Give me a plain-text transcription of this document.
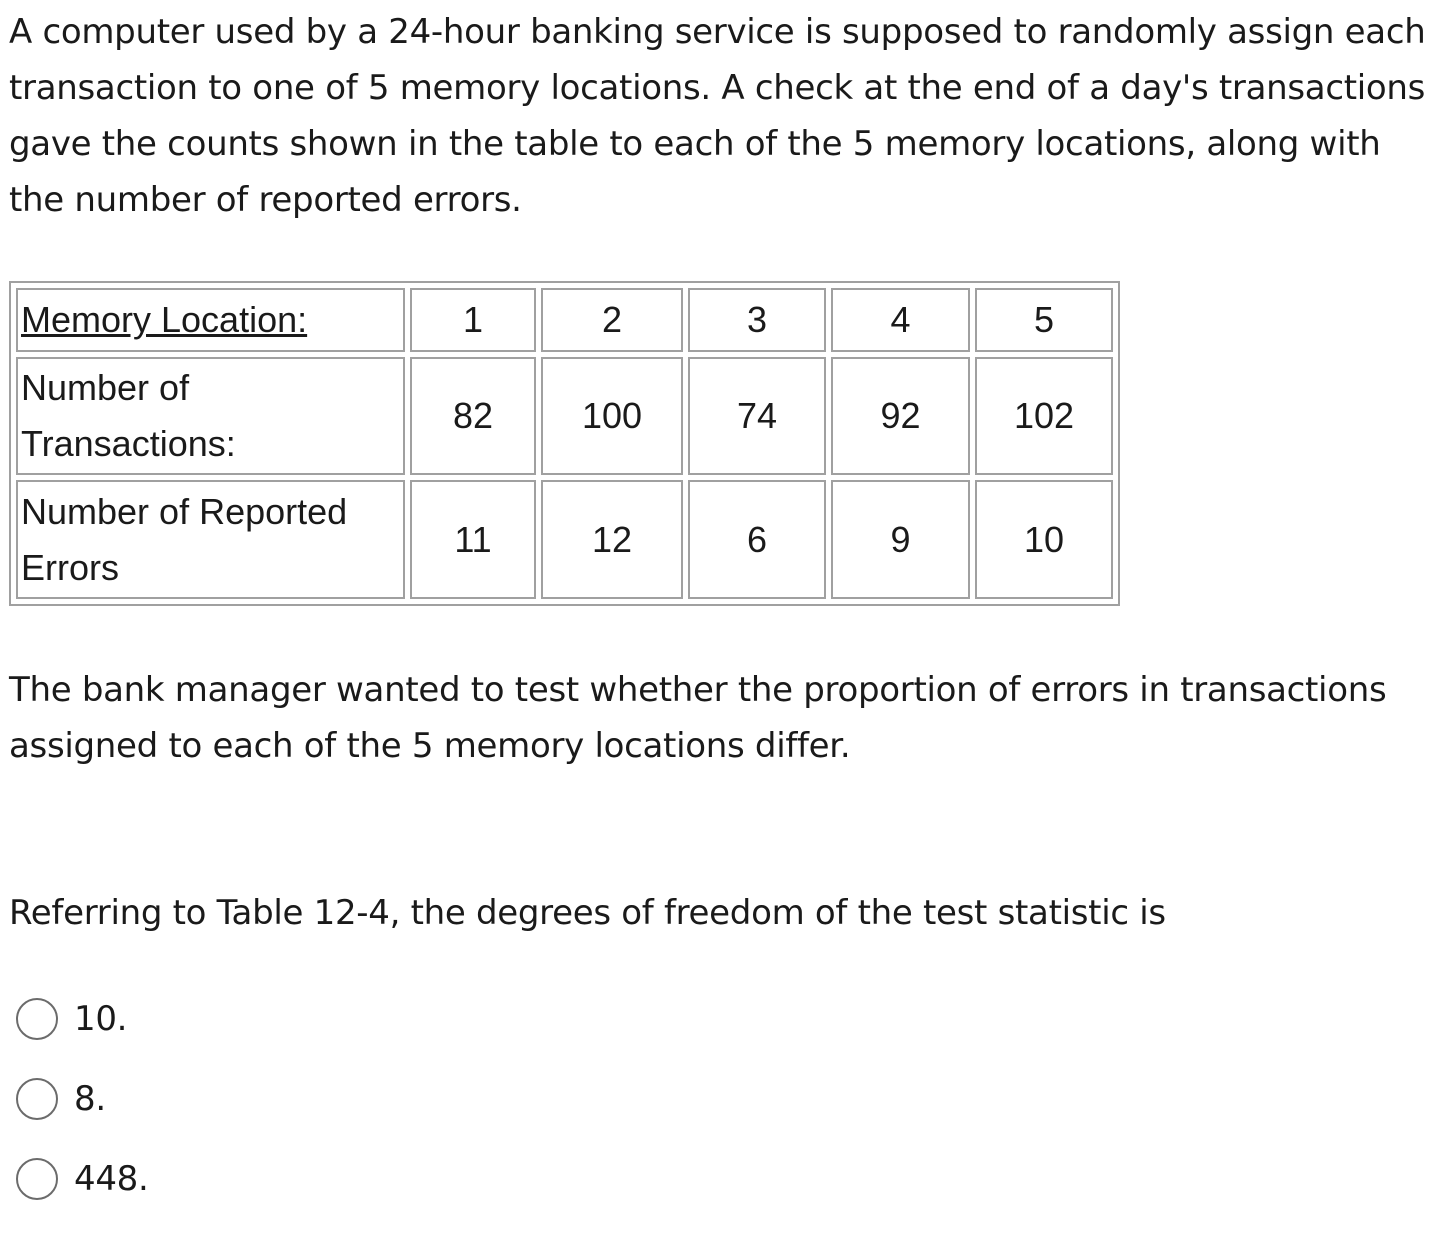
A computer used by a 24-hour banking service is supposed to randomly assign each transaction to one of 5 memory locations. A check at the end of a day's transactions gave the counts shown in the table to each of the 5 memory locations, along with the number of reported errors.

Memory Location:	1	2	3	4	5
Number of Transactions:	82	100	74	92	102
Number of Reported Errors	11	12	6	9	10

The bank manager wanted to test whether the proportion of errors in transactions assigned to each of the 5 memory locations differ.

Referring to Table 12-4, the degrees of freedom of the test statistic is

10.
8.
448.
